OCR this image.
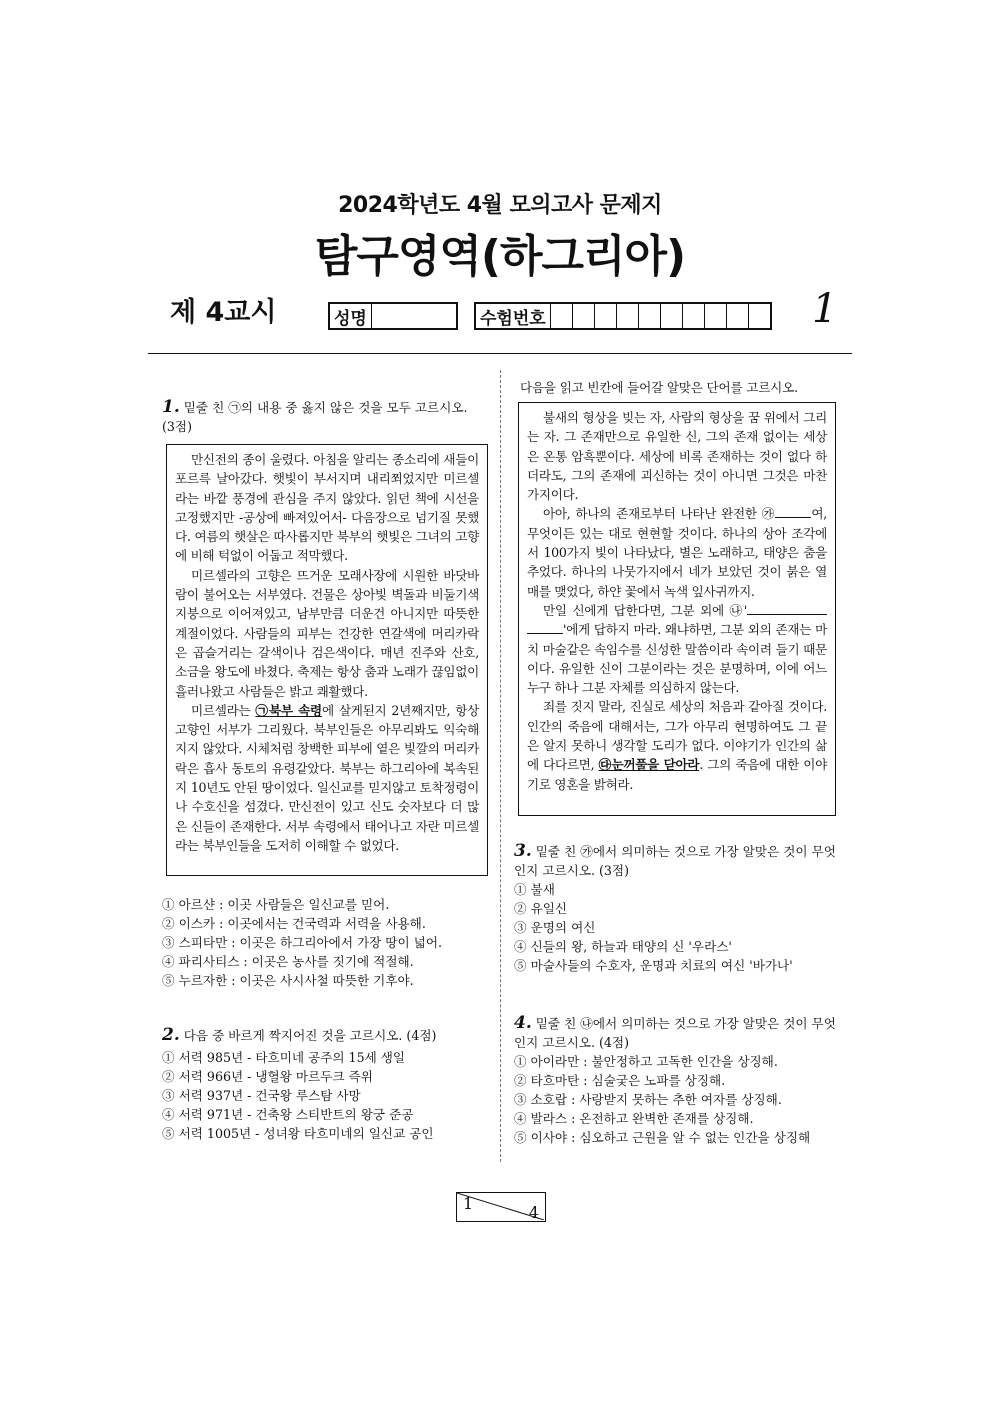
2024학년도 4월 모의고사 문제지
탐구영역(하그리아)
제 4교시	성명	수험번호	1
1. 밑줄 친 ㉠의 내용 중 옳지 않은 것을 모두 고르시오.
(3점)

만신전의 종이 울렸다. 아침을 알리는 종소리에 새들이 포르륵 날아갔다. 햇빛이 부서지며 내리쬐었지만 미르셀라는 바깥 풍경에 관심을 주지 않았다. 읽던 책에 시선을 고정했지만 -공상에 빠져있어서- 다음장으로 넘기질 못했다. 여름의 햇살은 따사롭지만 북부의 햇빛은 그녀의 고향에 비해 턱없이 어둡고 적막했다.

미르셀라의 고향은 뜨거운 모래사장에 시원한 바닷바람이 불어오는 서부였다. 건물은 상아빛 벽돌과 비둘기색 지붕으로 이어져있고, 남부만큼 더운건 아니지만 따뜻한 계절이었다. 사람들의 피부는 건강한 연갈색에 머리카락은 곱슬거리는 갈색이나 검은색이다. 매년 진주와 산호, 소금을 왕도에 바쳤다. 축제는 항상 춤과 노래가 끊임없이 흘러나왔고 사람들은 밝고 쾌활했다.

미르셀라는 ㉠북부 속령에 살게된지 2년째지만, 항상 고향인 서부가 그리웠다. 북부인들은 아무리봐도 익숙해지지 않았다. 시체처럼 창백한 피부에 옅은 빛깔의 머리카락은 흡사 동토의 유령같았다. 북부는 하그리아에 복속된지 10년도 안된 땅이었다. 일신교를 믿지않고 토착정령이나 수호신을 섬겼다. 만신전이 있고 신도 숫자보다 더 많은 신들이 존재한다. 서부 속령에서 태어나고 자란 미르셀라는 북부인들을 도저히 이해할 수 없었다.

① 아르샨 : 이곳 사람들은 일신교를 믿어.

② 이스카 : 이곳에서는 건국력과 서력을 사용해.

③ 스피타만 : 이곳은 하그리아에서 가장 땅이 넓어.

④ 파리사티스 : 이곳은 농사를 짓기에 적절해.

⑤ 누르자한 : 이곳은 사시사철 따뜻한 기후야.

2. 다음 중 바르게 짝지어진 것을 고르시오. (4점)

① 서력 985년 - 타흐미네 공주의 15세 생일

② 서력 966년 - 냉혈왕 마르두크 즉위

③ 서력 937년 - 건국왕 루스탐 사망

④ 서력 971년 - 건축왕 스티반트의 왕궁 준공

⑤ 서력 1005년 - 성녀왕 타흐미네의 일신교 공인

다음을 읽고 빈칸에 들어갈 알맞은 단어를 고르시오.

불새의 형상을 빚는 자, 사람의 형상을 꿈 위에서 그리는 자. 그 존재만으로 유일한 신, 그의 존재 없이는 세상은 온통 암흑뿐이다. 세상에 비록 존재하는 것이 없다 하더라도, 그의 존재에 괴신하는 것이 아니면 그것은 마찬가지이다.

아아, 하나의 존재로부터 나타난 완전한 ㉮	여, 무엇이든 있는 대로 현현할 것이다. 하나의 상아 조각에서 100가지 빛이 나타났다, 별은 노래하고, 태양은 춤을 추었다. 하나의 나뭇가지에서 네가 보았던 것이 붉은 열매를 맺었다, 하얀 꽃에서 녹색 잎사귀까지.

만일 신에게 답한다면, 그분 외에 ㉯' '에게 답하지 마라. 왜냐하면, 그분 외의 존재는 마치 마술같은 속임수를 신성한 말씀이라 속이려 들기 때문이다. 유일한 신이 그분이라는 것은 분명하며, 이에 어느 누구 하나 그분 자체를 의심하지 않는다.

죄를 짓지 말라, 진실로 세상의 처음과 같아질 것이다. 인간의 죽음에 대해서는, 그가 아무리 현명하여도 그 끝은 알지 못하니 생각할 도리가 없다. 이야기가 인간의 삶에 다다르면, ㉰눈꺼풀을 닫아라. 그의 죽음에 대한 이야기로 영혼을 밝혀라.

3. 밑줄 친 ㉮에서 의미하는 것으로 가장 알맞은 것이 무엇인지 고르시오. (3점)

① 불새

② 유일신

③ 운명의 여신

④ 신들의 왕, 하늘과 태양의 신 '우라스'

⑤ 마술사들의 수호자, 운명과 치료의 여신 '바가나'

4. 밑줄 친 ㉯에서 의미하는 것으로 가장 알맞은 것이 무엇인지 고르시오. (4점)

① 아이라만 : 불안정하고 고독한 인간을 상징해.

② 타흐마탄 : 심술궂은 노파를 상징해.

③ 소호랍 : 사랑받지 못하는 추한 여자를 상징해.

④ 발라스 : 온전하고 완벽한 존재를 상징해.

⑤ 이사야 : 심오하고 근원을 알 수 없는 인간을 상징해

1	4
